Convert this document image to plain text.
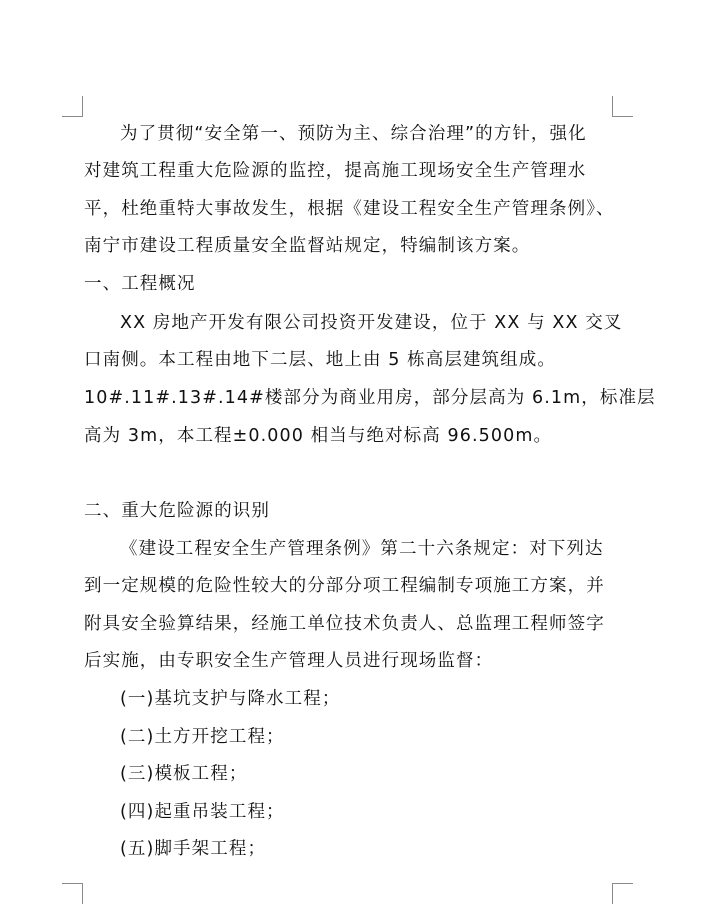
为了贯彻“安全第一、预防为主、综合治理”的方针，强化
对建筑工程重大危险源的监控，提高施工现场安全生产管理水
平，杜绝重特大事故发生，根据《建设工程安全生产管理条例》、
南宁市建设工程质量安全监督站规定，特编制该方案。
一、工程概况
XX 房地产开发有限公司投资开发建设，位于 XX 与 XX 交叉
口南侧。本工程由地下二层、地上由 5 栋高层建筑组成。
10#.11#.13#.14#楼部分为商业用房，部分层高为 6.1m，标准层
高为 3m，本工程±0.000 相当与绝对标高 96.500m。
二、重大危险源的识别
《建设工程安全生产管理条例》第二十六条规定：对下列达
到一定规模的危险性较大的分部分项工程编制专项施工方案，并
附具安全验算结果，经施工单位技术负责人、总监理工程师签字
后实施，由专职安全生产管理人员进行现场监督：
(一)基坑支护与降水工程；
(二)土方开挖工程；
(三)模板工程；
(四)起重吊装工程；
(五)脚手架工程；
